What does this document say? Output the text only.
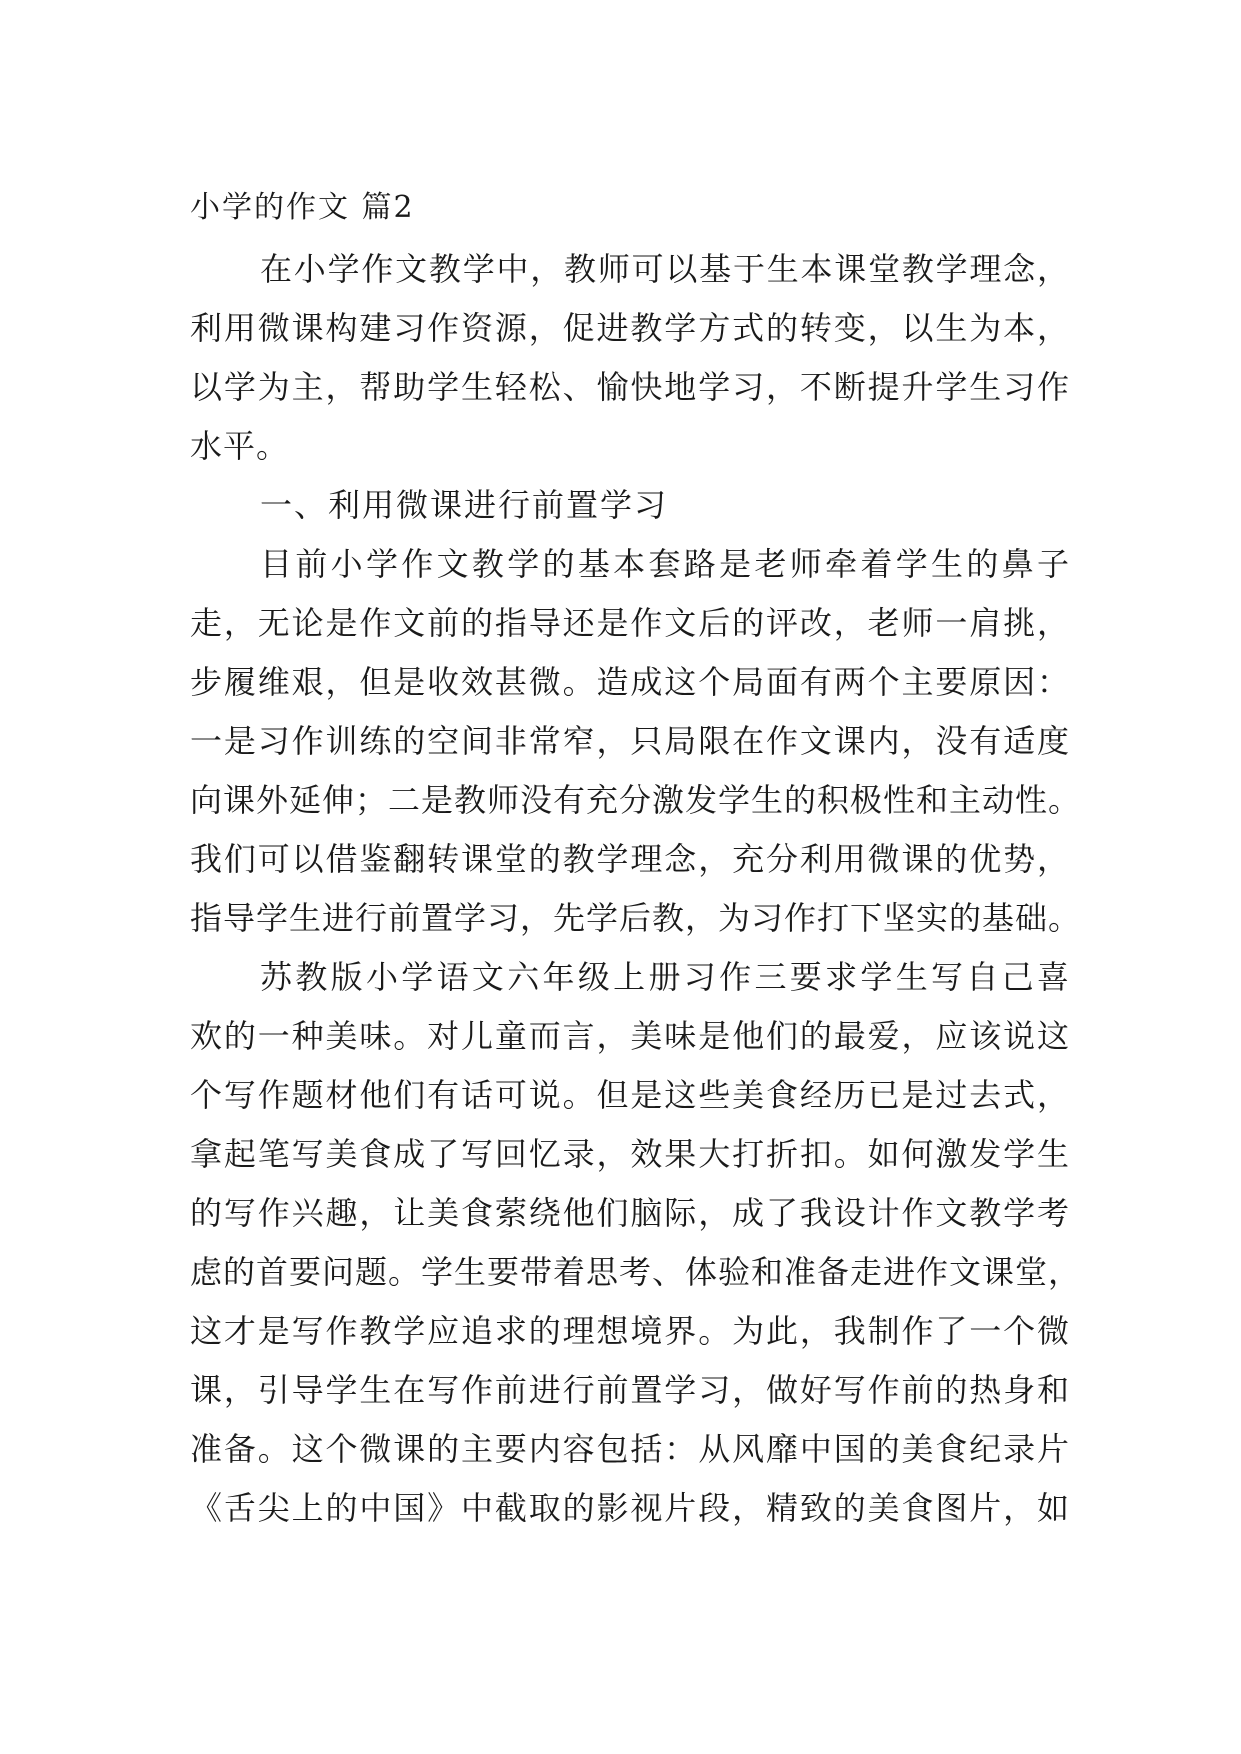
小学的作文 篇2
在小学作文教学中，教师可以基于生本课堂教学理念，
利用微课构建习作资源，促进教学方式的转变，以生为本，
以学为主，帮助学生轻松、愉快地学习，不断提升学生习作
水平。
一、利用微课进行前置学习
目前小学作文教学的基本套路是老师牵着学生的鼻子
走，无论是作文前的指导还是作文后的评改，老师一肩挑，
步履维艰，但是收效甚微。造成这个局面有两个主要原因：
一是习作训练的空间非常窄，只局限在作文课内，没有适度
向课外延伸；二是教师没有充分激发学生的积极性和主动性。
我们可以借鉴翻转课堂的教学理念，充分利用微课的优势，
指导学生进行前置学习，先学后教，为习作打下坚实的基础。
苏教版小学语文六年级上册习作三要求学生写自己喜
欢的一种美味。对儿童而言，美味是他们的最爱，应该说这
个写作题材他们有话可说。但是这些美食经历已是过去式，
拿起笔写美食成了写回忆录，效果大打折扣。如何激发学生
的写作兴趣，让美食萦绕他们脑际，成了我设计作文教学考
虑的首要问题。学生要带着思考、体验和准备走进作文课堂，
这才是写作教学应追求的理想境界。为此，我制作了一个微
课，引导学生在写作前进行前置学习，做好写作前的热身和
准备。这个微课的主要内容包括：从风靡中国的美食纪录片
《舌尖上的中国》中截取的影视片段，精致的美食图片，如
